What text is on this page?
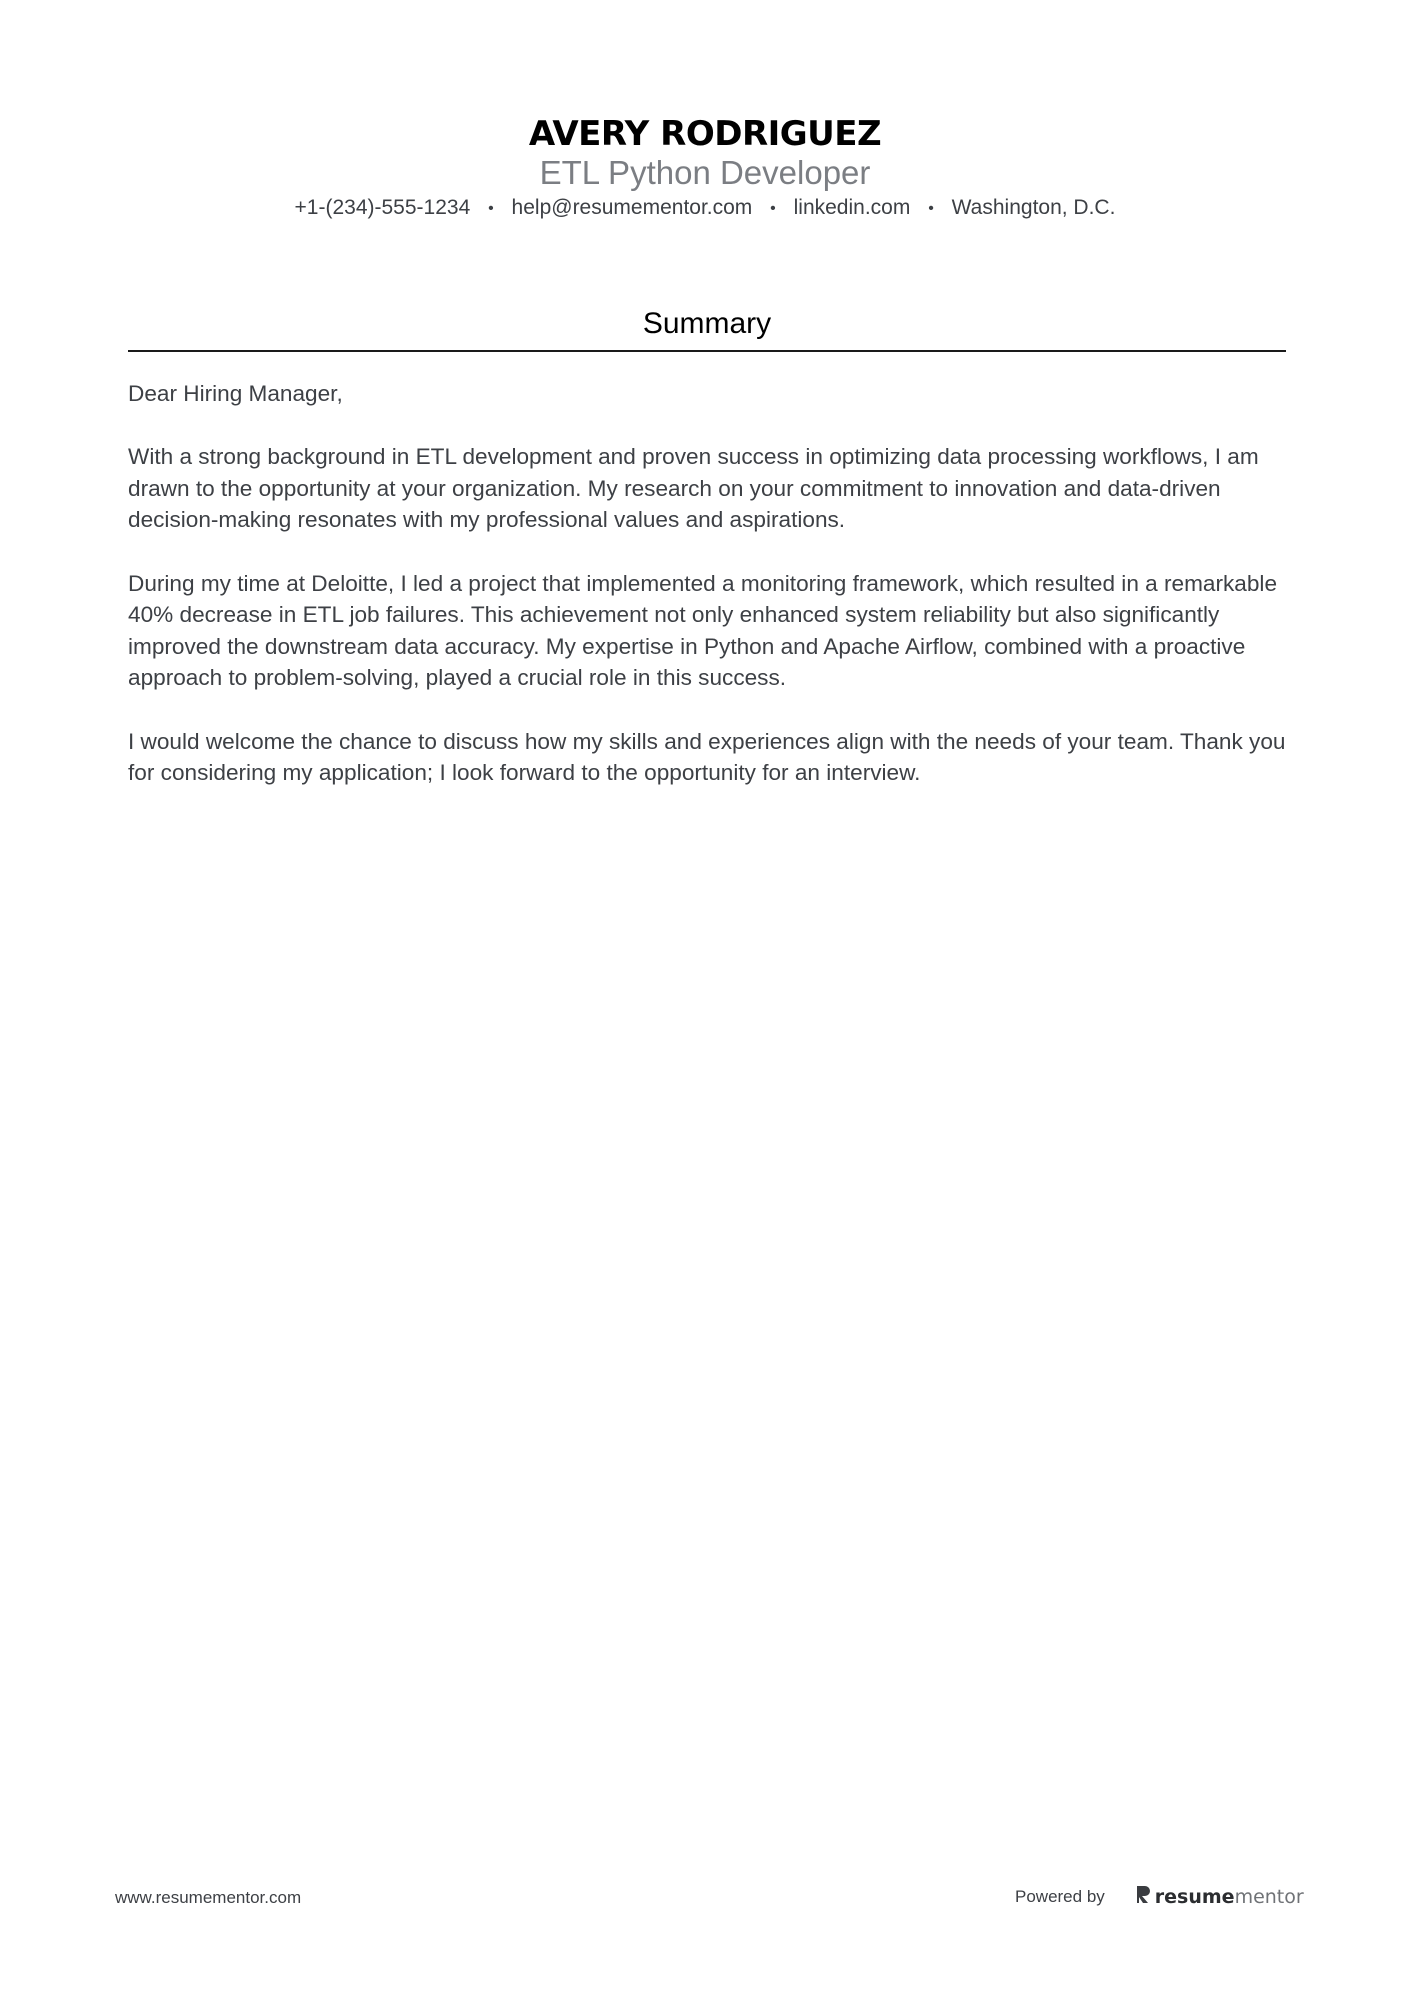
AVERY RODRIGUEZ
ETL Python Developer
+1-(234)-555-1234 • help@resumementor.com • linkedin.com • Washington, D.C.
Summary

Dear Hiring Manager,

With a strong background in ETL development and proven success in optimizing data processing workflows, I am drawn to the opportunity at your organization. My research on your commitment to innovation and data-driven decision-making resonates with my professional values and aspirations.

During my time at Deloitte, I led a project that implemented a monitoring framework, which resulted in a remarkable 40% decrease in ETL job failures. This achievement not only enhanced system reliability but also significantly improved the downstream data accuracy. My expertise in Python and Apache Airflow, combined with a proactive approach to problem-solving, played a crucial role in this success.

I would welcome the chance to discuss how my skills and experiences align with the needs of your team. Thank you for considering my application; I look forward to the opportunity for an interview.

www.resumementor.com	Powered by	resume mentor
